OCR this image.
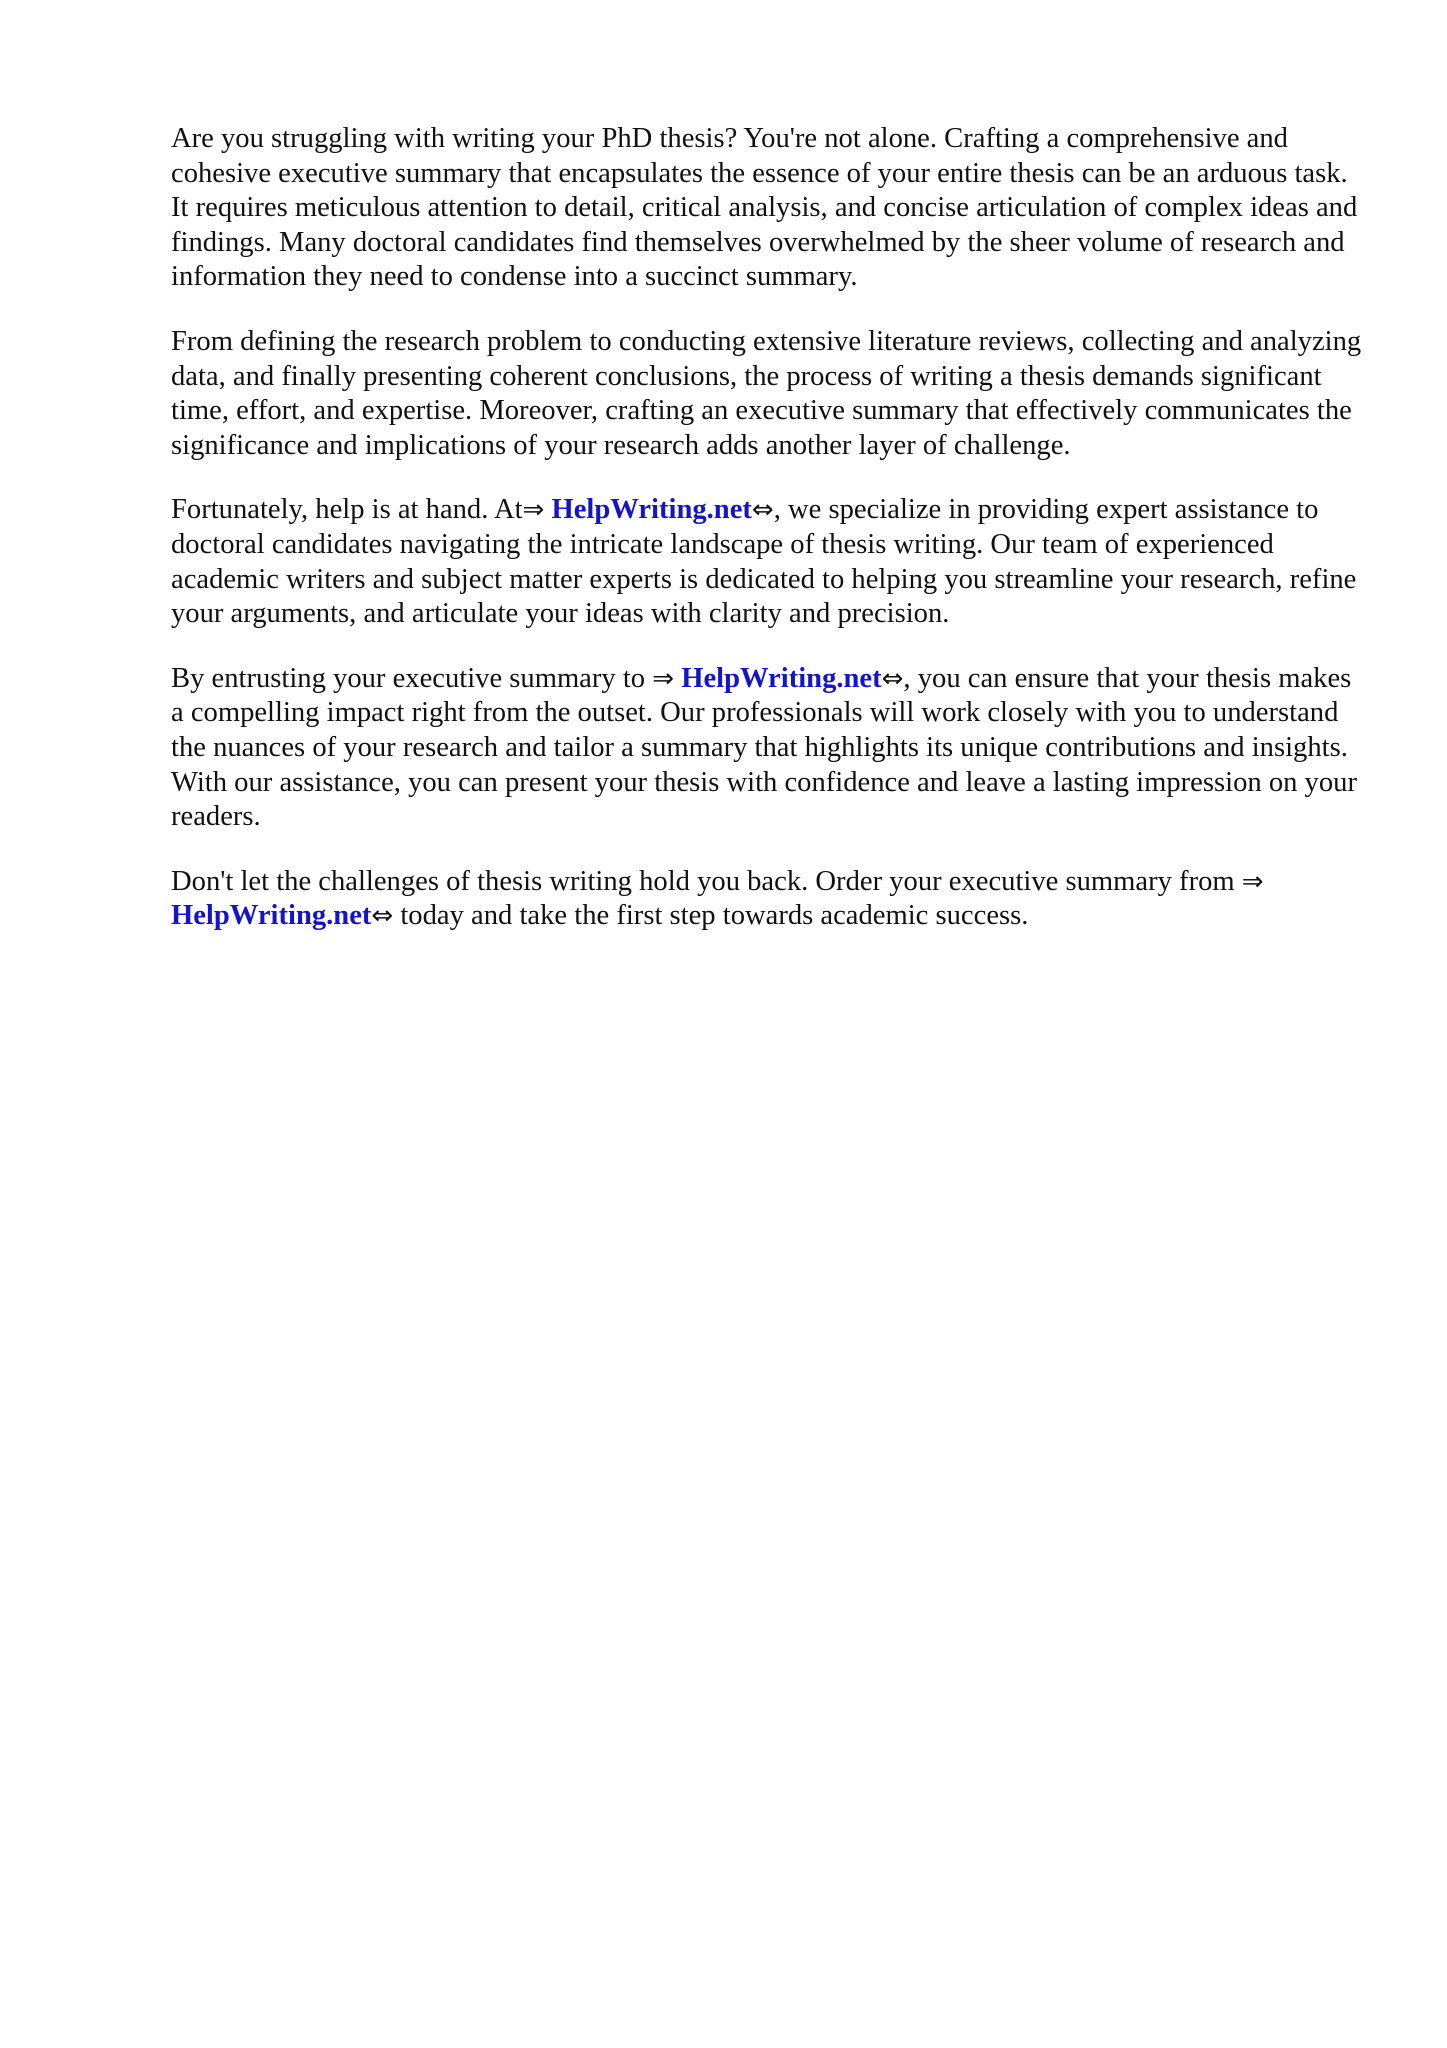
Are you struggling with writing your PhD thesis? You're not alone. Crafting a comprehensive and cohesive executive summary that encapsulates the essence of your entire thesis can be an arduous task. It requires meticulous attention to detail, critical analysis, and concise articulation of complex ideas and findings. Many doctoral candidates find themselves overwhelmed by the sheer volume of research and information they need to condense into a succinct summary.

From defining the research problem to conducting extensive literature reviews, collecting and analyzing data, and finally presenting coherent conclusions, the process of writing a thesis demands significant time, effort, and expertise. Moreover, crafting an executive summary that effectively communicates the significance and implications of your research adds another layer of challenge.

Fortunately, help is at hand. At⇒ HelpWriting.net⇔, we specialize in providing expert assistance to doctoral candidates navigating the intricate landscape of thesis writing. Our team of experienced academic writers and subject matter experts is dedicated to helping you streamline your research, refine your arguments, and articulate your ideas with clarity and precision.

By entrusting your executive summary to ⇒ HelpWriting.net⇔, you can ensure that your thesis makes a compelling impact right from the outset. Our professionals will work closely with you to understand the nuances of your research and tailor a summary that highlights its unique contributions and insights. With our assistance, you can present your thesis with confidence and leave a lasting impression on your readers.

Don't let the challenges of thesis writing hold you back. Order your executive summary from ⇒ HelpWriting.net⇔ today and take the first step towards academic success.
